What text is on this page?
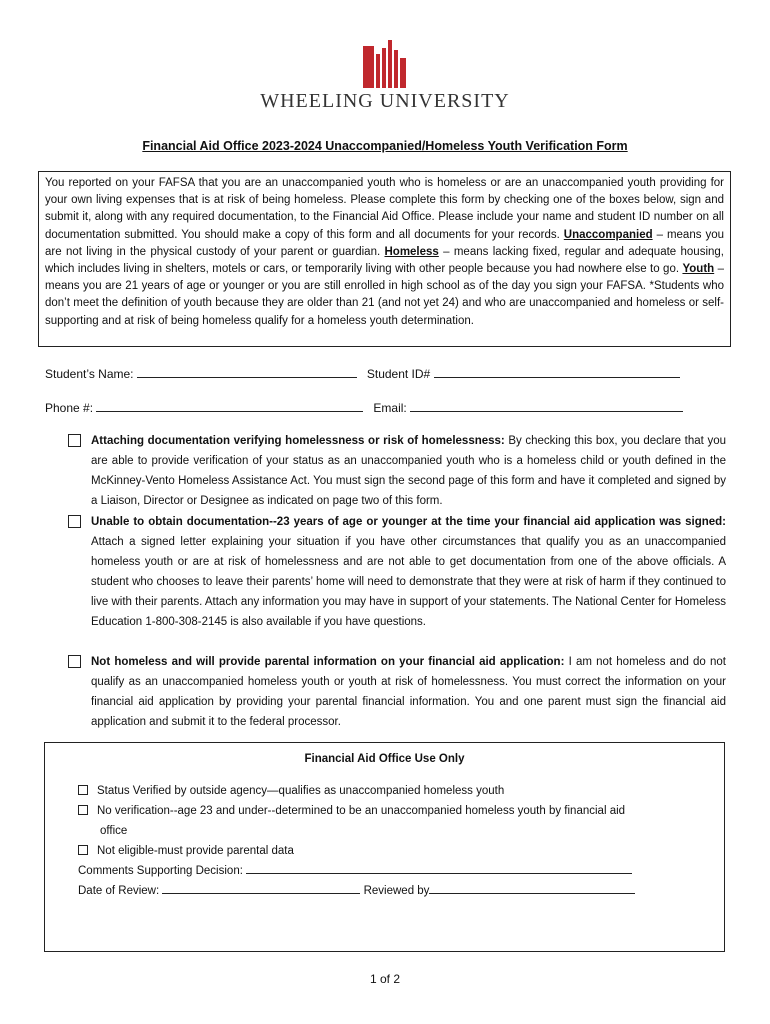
WHEELING UNIVERSITY
Financial Aid Office 2023-2024 Unaccompanied/Homeless Youth Verification Form
You reported on your FAFSA that you are an unaccompanied youth who is homeless or are an unaccompanied youth providing for your own living expenses that is at risk of being homeless. Please complete this form by checking one of the boxes below, sign and submit it, along with any required documentation, to the Financial Aid Office. Please include your name and student ID number on all documentation submitted. You should make a copy of this form and all documents for your records. Unaccompanied – means you are not living in the physical custody of your parent or guardian. Homeless – means lacking fixed, regular and adequate housing, which includes living in shelters, motels or cars, or temporarily living with other people because you had nowhere else to go. Youth – means you are 21 years of age or younger or you are still enrolled in high school as of the day you sign your FAFSA. *Students who don’t meet the definition of youth because they are older than 21 (and not yet 24) and who are unaccompanied and homeless or self-supporting and at risk of being homeless qualify for a homeless youth determination.
Student’s Name:	Student ID#
Phone #:	Email:
Attaching documentation verifying homelessness or risk of homelessness: By checking this box, you declare that you are able to provide verification of your status as an unaccompanied youth who is a homeless child or youth defined in the McKinney-Vento Homeless Assistance Act. You must sign the second page of this form and have it completed and signed by a Liaison, Director or Designee as indicated on page two of this form.
Unable to obtain documentation--23 years of age or younger at the time your financial aid application was signed: Attach a signed letter explaining your situation if you have other circumstances that qualify you as an unaccompanied homeless youth or are at risk of homelessness and are not able to get documentation from one of the above officials. A student who chooses to leave their parents’ home will need to demonstrate that they were at risk of harm if they continued to live with their parents. Attach any information you may have in support of your statements. The National Center for Homeless Education 1-800-308-2145 is also available if you have questions.
Not homeless and will provide parental information on your financial aid application: I am not homeless and do not qualify as an unaccompanied homeless youth or youth at risk of homelessness. You must correct the information on your financial aid application by providing your parental financial information. You and one parent must sign the financial aid application and submit it to the federal processor.
Financial Aid Office Use Only
Status Verified by outside agency—qualifies as unaccompanied homeless youth
No verification--age 23 and under--determined to be an unaccompanied homeless youth by financial aid
office
Not eligible-must provide parental data
Comments Supporting Decision:
Date of Review:	Reviewed by
1 of 2
